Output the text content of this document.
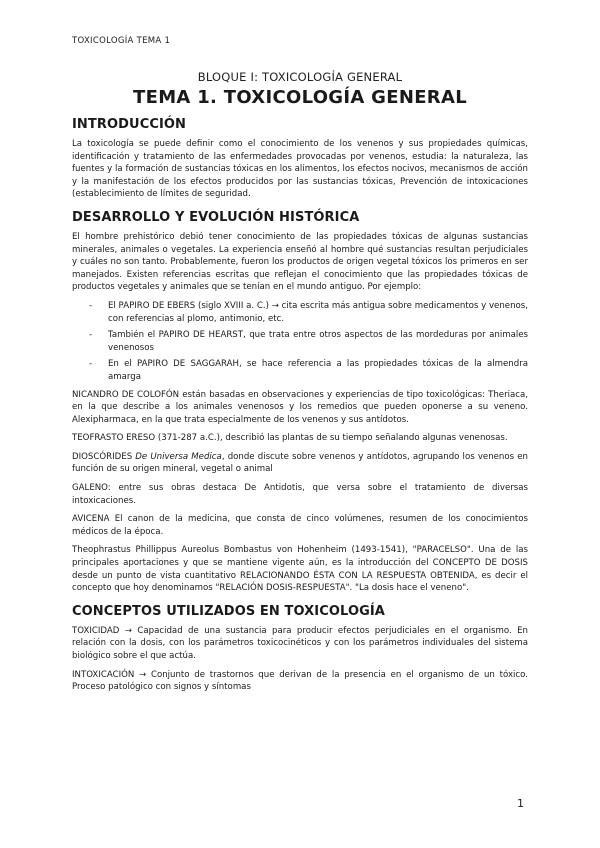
TOXICOLOGÍA TEMA 1
BLOQUE I: TOXICOLOGÍA GENERAL
TEMA 1. TOXICOLOGÍA GENERAL
INTRODUCCIÓN

La toxicología se puede definir como el conocimiento de los venenos y sus propiedades químicas, identificación y tratamiento de las enfermedades provocadas por venenos, estudia: la naturaleza, las fuentes y la formación de sustancias tóxicas en los alimentos, los efectos nocivos, mecanismos de acción y la manifestación de los efectos producidos por las sustancias tóxicas, Prevención de intoxicaciones (establecimiento de límites de seguridad.

DESARROLLO Y EVOLUCIÓN HISTÓRICA

El hombre prehistórico debió tener conocimiento de las propiedades tóxicas de algunas sustancias minerales, animales o vegetales. La experiencia enseñó al hombre qué sustancias resultan perjudiciales y cuáles no son tanto. Probablemente, fueron los productos de origen vegetal tóxicos los primeros en ser manejados. Existen referencias escritas que reflejan el conocimiento que las propiedades tóxicas de productos vegetales y animales que se tenían en el mundo antiguo. Por ejemplo:

- El PAPIRO DE EBERS (siglo XVIII a. C.) → cita escrita más antigua sobre medicamentos y venenos, con referencias al plomo, antimonio, etc.
- También el PAPIRO DE HEARST, que trata entre otros aspectos de las mordeduras por animales venenosos
- En el PAPIRO DE SAGGARAH, se hace referencia a las propiedades tóxicas de la almendra amarga

NICANDRO DE COLOFÓN están basadas en observaciones y experiencias de tipo toxicológicas: Theriaca, en la que describe a los animales venenosos y los remedios que pueden oponerse a su veneno. Alexipharmaca, en la que trata especialmente de los venenos y sus antídotos.

TEOFRASTO ERESO (371-287 a.C.), describió las plantas de su tiempo señalando algunas venenosas.

DIOSCÓRIDES De Universa Medica, donde discute sobre venenos y antídotos, agrupando los venenos en función de su origen mineral, vegetal o animal

GALENO: entre sus obras destaca De Antidotis, que versa sobre el tratamiento de diversas intoxicaciones.

AVICENA El canon de la medicina, que consta de cinco volúmenes, resumen de los conocimientos médicos de la época.

Theophrastus Phillippus Aureolus Bombastus von Hohenheim (1493-1541), "PARACELSO". Una de las principales aportaciones y que se mantiene vigente aún, es la introducción del CONCEPTO DE DOSIS desde un punto de vista cuantitativo RELACIONANDO ÉSTA CON LA RESPUESTA OBTENIDA, es decir el concepto que hoy denominamos "RELACIÓN DOSIS-RESPUESTA". "La dosis hace el veneno".

CONCEPTOS UTILIZADOS EN TOXICOLOGÍA

TOXICIDAD → Capacidad de una sustancia para producir efectos perjudiciales en el organismo. En relación con la dosis, con los parámetros toxicocinéticos y con los parámetros individuales del sistema biológico sobre el que actúa.

INTOXICACIÓN → Conjunto de trastornos que derivan de la presencia en el organismo de un tóxico. Proceso patológico con signos y síntomas

1
